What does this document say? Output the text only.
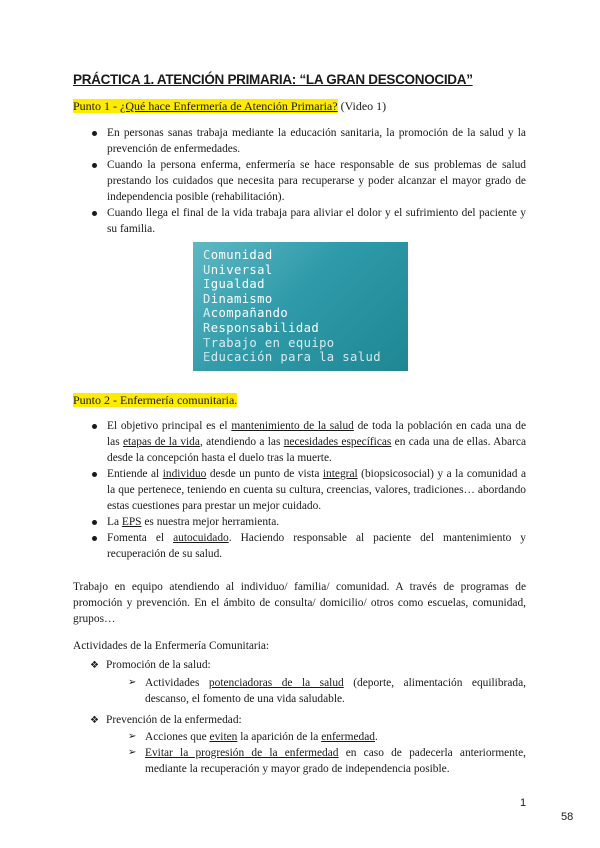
PRÁCTICA 1. ATENCIÓN PRIMARIA: “LA GRAN DESCONOCIDA”
Punto 1 - ¿Qué hace Enfermería de Atención Primaria? (Video 1)
En personas sanas trabaja mediante la educación sanitaria, la promoción de la salud y la prevención de enfermedades.
Cuando la persona enferma, enfermería se hace responsable de sus problemas de salud prestando los cuidados que necesita para recuperarse y poder alcanzar el mayor grado de independencia posible (rehabilitación).
Cuando llega el final de la vida trabaja para aliviar el dolor y el sufrimiento del paciente y su familia.
Comunidad
Universal
Igualdad
Dinamismo
Acompañando
Responsabilidad
Trabajo en equipo
Educación para la salud
Punto 2 - Enfermería comunitaria.
El objetivo principal es el mantenimiento de la salud de toda la población en cada una de las etapas de la vida, atendiendo a las necesidades específicas en cada una de ellas. Abarca desde la concepción hasta el duelo tras la muerte.
Entiende al individuo desde un punto de vista integral (biopsicosocial) y a la comunidad a la que pertenece, teniendo en cuenta su cultura, creencias, valores, tradiciones… abordando estas cuestiones para prestar un mejor cuidado.
La EPS es nuestra mejor herramienta.
Fomenta el autocuidado. Haciendo responsable al paciente del mantenimiento y recuperación de su salud.
Trabajo en equipo atendiendo al individuo/ familia/ comunidad. A través de programas de promoción y prevención. En el ámbito de consulta/ domicilio/ otros como escuelas, comunidad, grupos…
Actividades de la Enfermería Comunitaria:
❖ Promoción de la salud:
➢ Actividades potenciadoras de la salud (deporte, alimentación equilibrada, descanso, el fomento de una vida saludable.
❖ Prevención de la enfermedad:
➢ Acciones que eviten la aparición de la enfermedad.
➢ Evitar la progresión de la enfermedad en caso de padecerla anteriormente, mediante la recuperación y mayor grado de independencia posible.
1
58
